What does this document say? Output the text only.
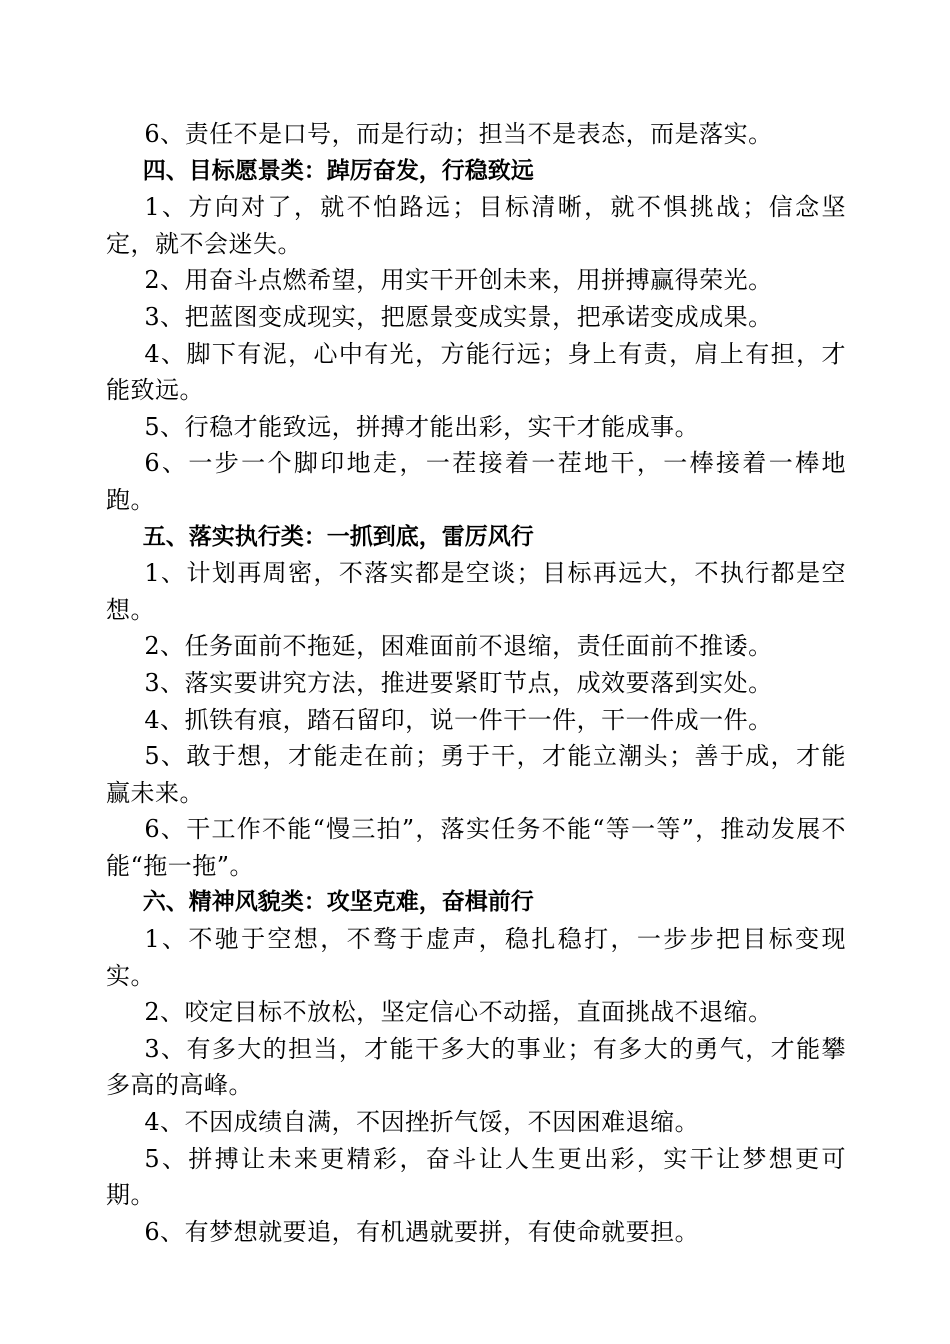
6、责任不是口号，而是行动；担当不是表态，而是落实。

四、目标愿景类：踔厉奋发，行稳致远

1、方向对了，就不怕路远；目标清晰，就不惧挑战；信念坚定，就不会迷失。

2、用奋斗点燃希望，用实干开创未来，用拼搏赢得荣光。

3、把蓝图变成现实，把愿景变成实景，把承诺变成成果。

4、脚下有泥，心中有光，方能行远；身上有责，肩上有担，才能致远。

5、行稳才能致远，拼搏才能出彩，实干才能成事。

6、一步一个脚印地走，一茬接着一茬地干，一棒接着一棒地跑。

五、落实执行类：一抓到底，雷厉风行

1、计划再周密，不落实都是空谈；目标再远大，不执行都是空想。

2、任务面前不拖延，困难面前不退缩，责任面前不推诿。

3、落实要讲究方法，推进要紧盯节点，成效要落到实处。

4、抓铁有痕，踏石留印，说一件干一件，干一件成一件。

5、敢于想，才能走在前；勇于干，才能立潮头；善于成，才能赢未来。

6、干工作不能“慢三拍”，落实任务不能“等一等”，推动发展不能“拖一拖”。

六、精神风貌类：攻坚克难，奋楫前行

1、不驰于空想，不骛于虚声，稳扎稳打，一步步把目标变现实。

2、咬定目标不放松，坚定信心不动摇，直面挑战不退缩。

3、有多大的担当，才能干多大的事业；有多大的勇气，才能攀多高的高峰。

4、不因成绩自满，不因挫折气馁，不因困难退缩。

5、拼搏让未来更精彩，奋斗让人生更出彩，实干让梦想更可期。

6、有梦想就要追，有机遇就要拼，有使命就要担。
